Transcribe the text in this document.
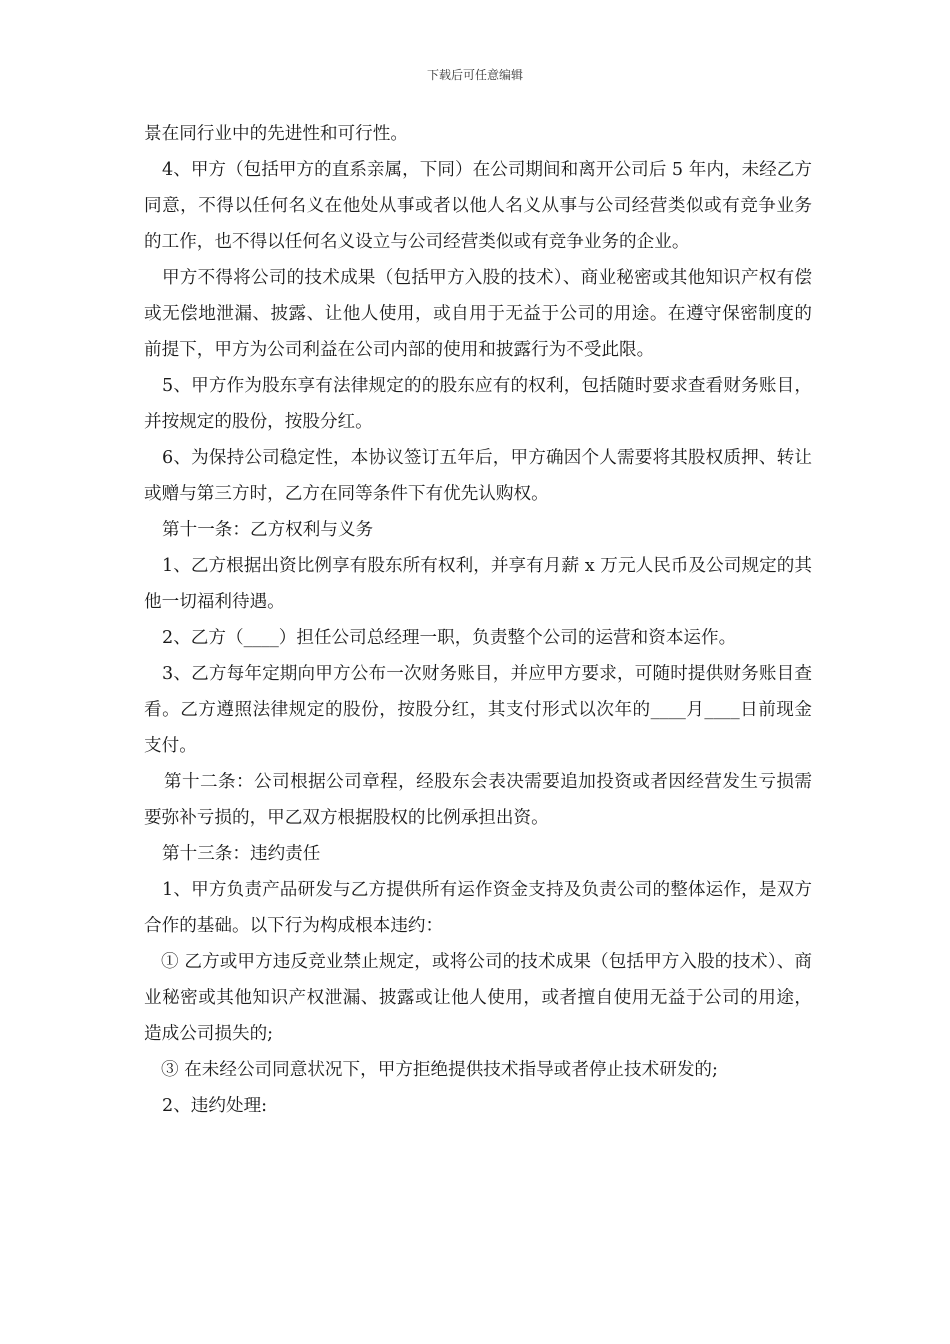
下载后可任意编辑

景在同行业中的先进性和可行性。

4、甲方（包括甲方的直系亲属，下同）在公司期间和离开公司后 5 年内，未经乙方同意，不得以任何名义在他处从事或者以他人名义从事与公司经营类似或有竞争业务的工作，也不得以任何名义设立与公司经营类似或有竞争业务的企业。

甲方不得将公司的技术成果（包括甲方入股的技术）、商业秘密或其他知识产权有偿或无偿地泄漏、披露、让他人使用，或自用于无益于公司的用途。在遵守保密制度的前提下，甲方为公司利益在公司内部的使用和披露行为不受此限。

5、甲方作为股东享有法律规定的的股东应有的权利，包括随时要求查看财务账目，并按规定的股份，按股分红。

6、为保持公司稳定性，本协议签订五年后，甲方确因个人需要将其股权质押、转让或赠与第三方时，乙方在同等条件下有优先认购权。

第十一条：乙方权利与义务

1、乙方根据出资比例享有股东所有权利，并享有月薪 x 万元人民币及公司规定的其他一切福利待遇。

2、乙方（____）担任公司总经理一职，负责整个公司的运营和资本运作。

3、乙方每年定期向甲方公布一次财务账目，并应甲方要求，可随时提供财务账目查看。乙方遵照法律规定的股份，按股分红，其支付形式以次年的____月____日前现金支付。

第十二条：公司根据公司章程，经股东会表决需要追加投资或者因经营发生亏损需要弥补亏损的，甲乙双方根据股权的比例承担出资。

第十三条：违约责任

1、甲方负责产品研发与乙方提供所有运作资金支持及负责公司的整体运作，是双方合作的基础。以下行为构成根本违约：

① 乙方或甲方违反竞业禁止规定，或将公司的技术成果（包括甲方入股的技术）、商业秘密或其他知识产权泄漏、披露或让他人使用，或者擅自使用无益于公司的用途，造成公司损失的;

③ 在未经公司同意状况下，甲方拒绝提供技术指导或者停止技术研发的;

2、违约处理:
